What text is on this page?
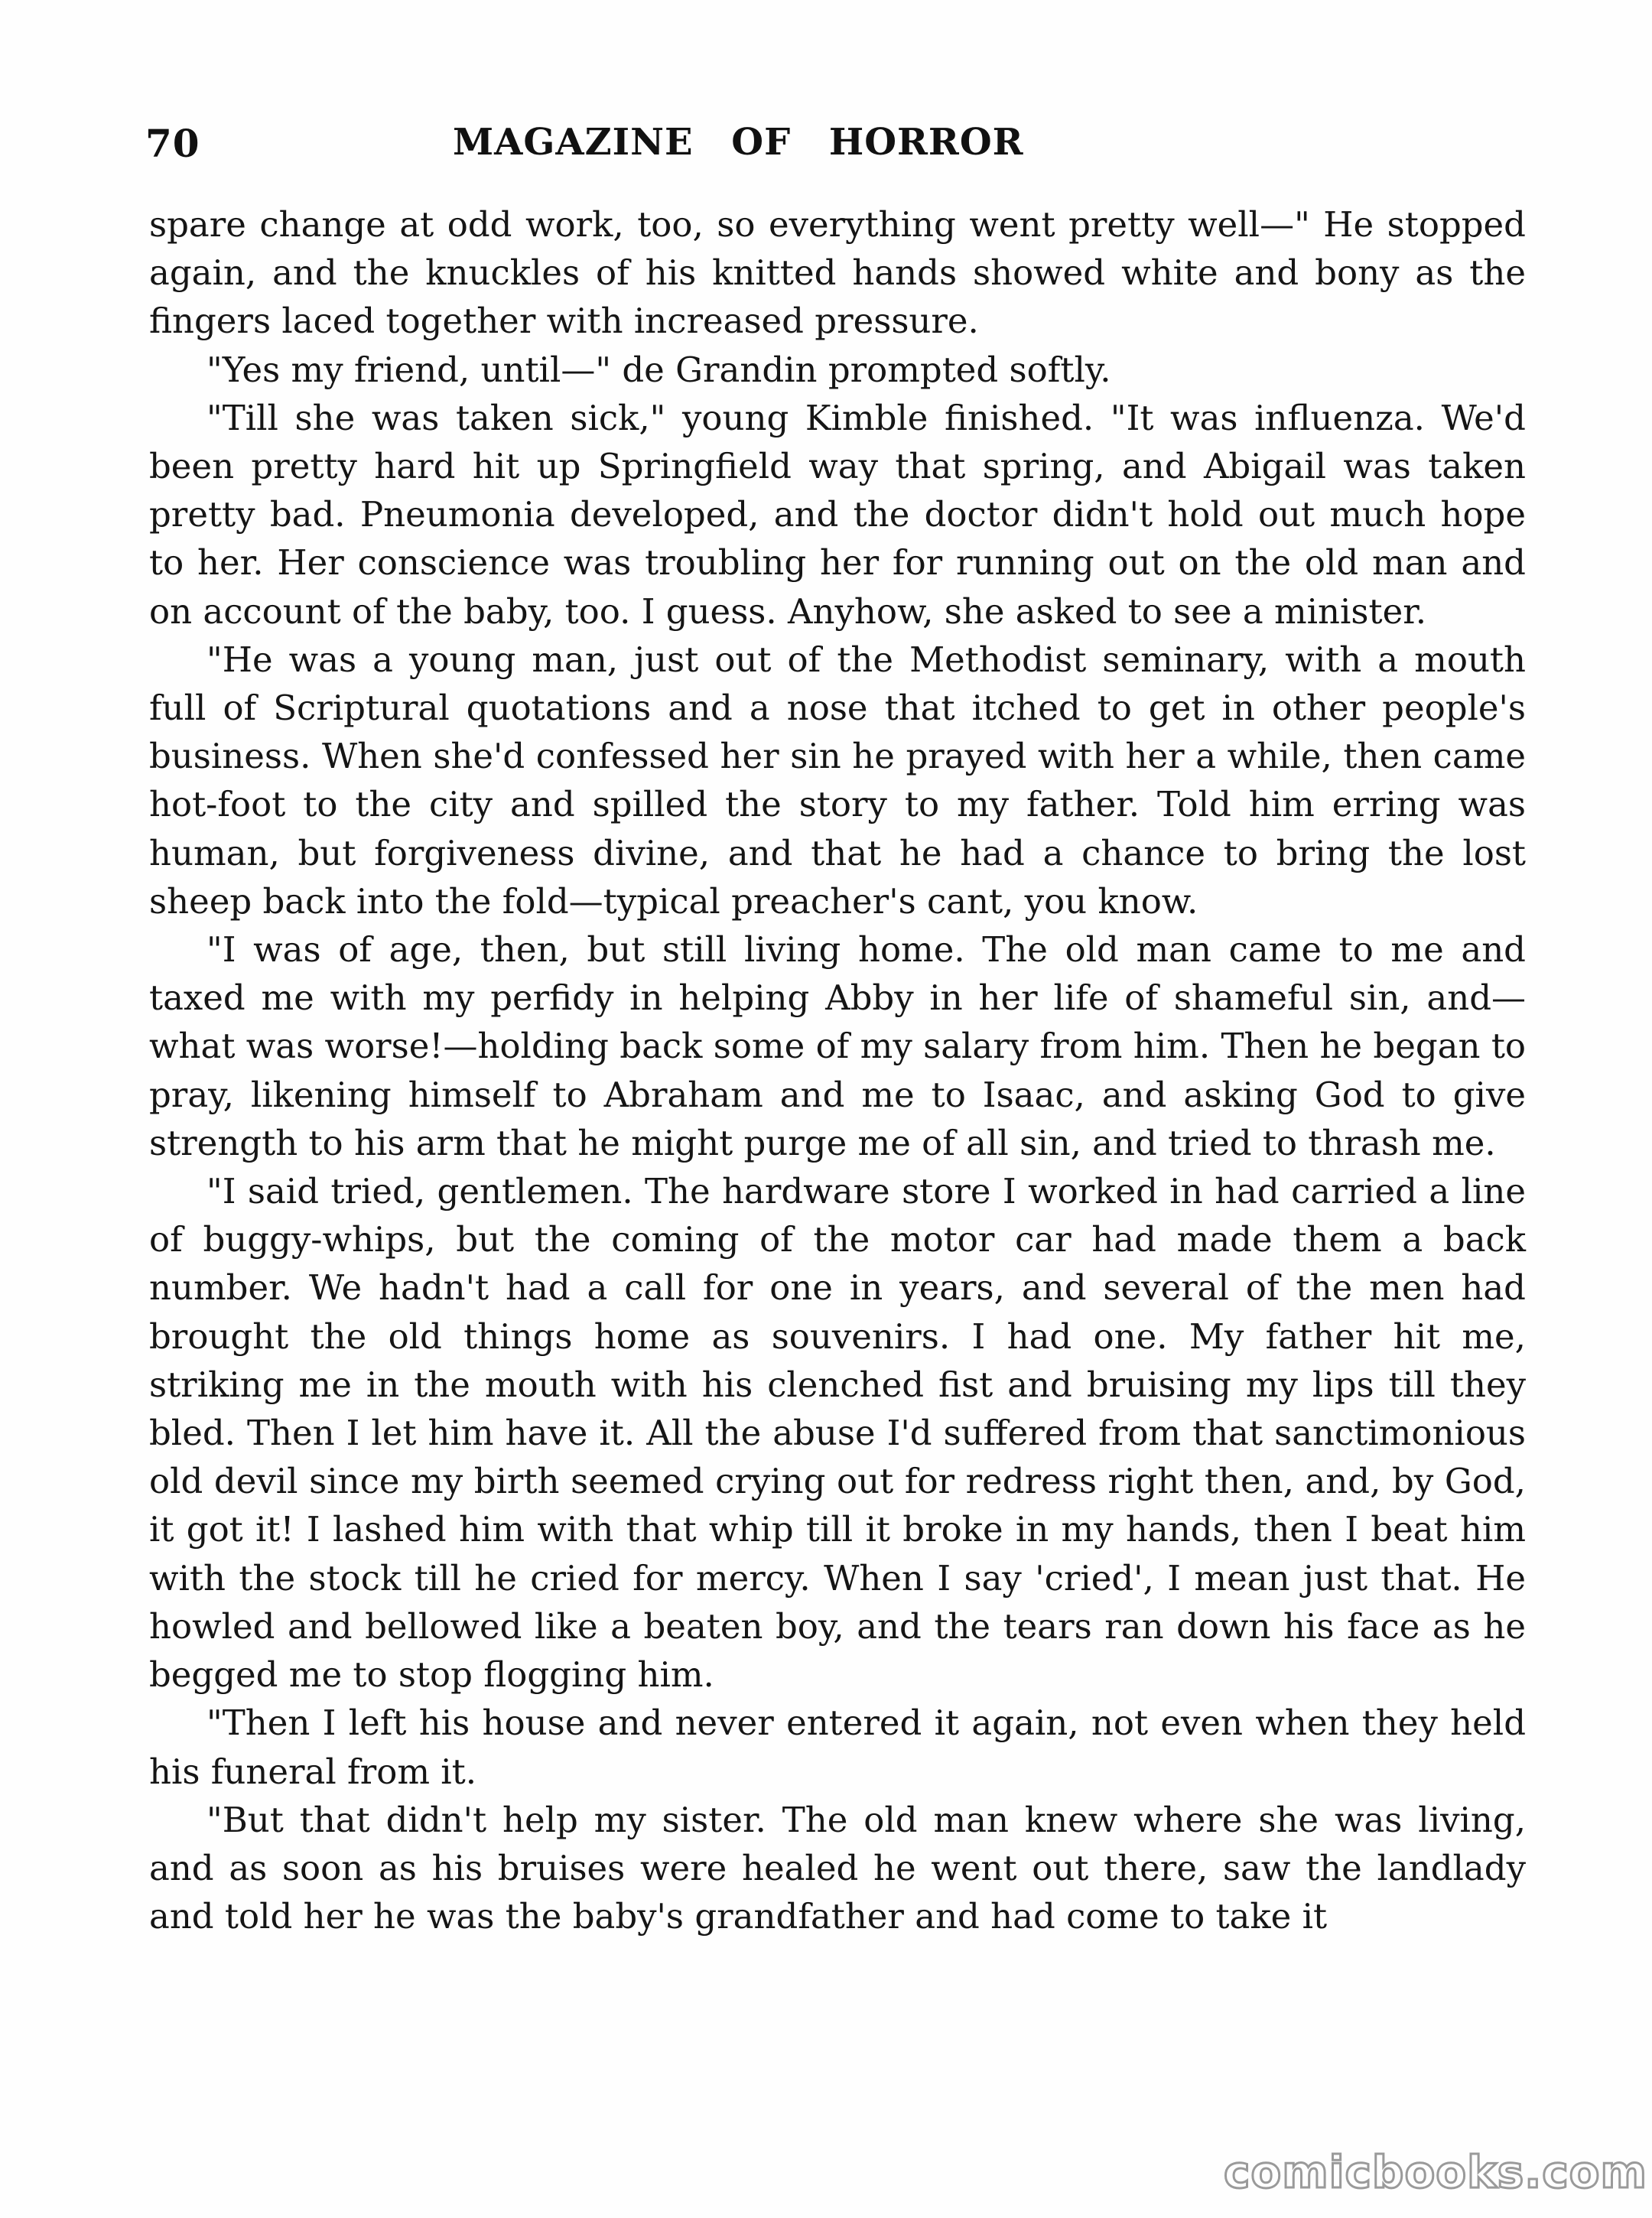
70	MAGAZINE OF HORROR

spare change at odd work, too, so everything went pretty well—" He stopped again, and the knuckles of his knitted hands showed white and bony as the fingers laced together with increased pressure.

"Yes my friend, until—" de Grandin prompted softly.

"Till she was taken sick," young Kimble finished. "It was influenza. We'd been pretty hard hit up Springfield way that spring, and Abigail was taken pretty bad. Pneumonia developed, and the doctor didn't hold out much hope to her. Her conscience was troubling her for running out on the old man and on account of the baby, too. I guess. Anyhow, she asked to see a minister.

"He was a young man, just out of the Methodist seminary, with a mouth full of Scriptural quotations and a nose that itched to get in other people's business. When she'd confessed her sin he prayed with her a while, then came hot-foot to the city and spilled the story to my father. Told him erring was human, but forgiveness divine, and that he had a chance to bring the lost sheep back into the fold—typical preacher's cant, you know.

"I was of age, then, but still living home. The old man came to me and taxed me with my perfidy in helping Abby in her life of shameful sin, and—what was worse!—holding back some of my salary from him. Then he began to pray, likening himself to Abraham and me to Isaac, and asking God to give strength to his arm that he might purge me of all sin, and tried to thrash me.

"I said tried, gentlemen. The hardware store I worked in had carried a line of buggy-whips, but the coming of the motor car had made them a back number. We hadn't had a call for one in years, and several of the men had brought the old things home as souvenirs. I had one. My father hit me, striking me in the mouth with his clenched fist and bruising my lips till they bled. Then I let him have it. All the abuse I'd suffered from that sanctimonious old devil since my birth seemed crying out for redress right then, and, by God, it got it! I lashed him with that whip till it broke in my hands, then I beat him with the stock till he cried for mercy. When I say 'cried', I mean just that. He howled and bellowed like a beaten boy, and the tears ran down his face as he begged me to stop flogging him.

"Then I left his house and never entered it again, not even when they held his funeral from it.

"But that didn't help my sister. The old man knew where she was living, and as soon as his bruises were healed he went out there, saw the landlady and told her he was the baby's grandfather and had come to take it

comicbooks.com
